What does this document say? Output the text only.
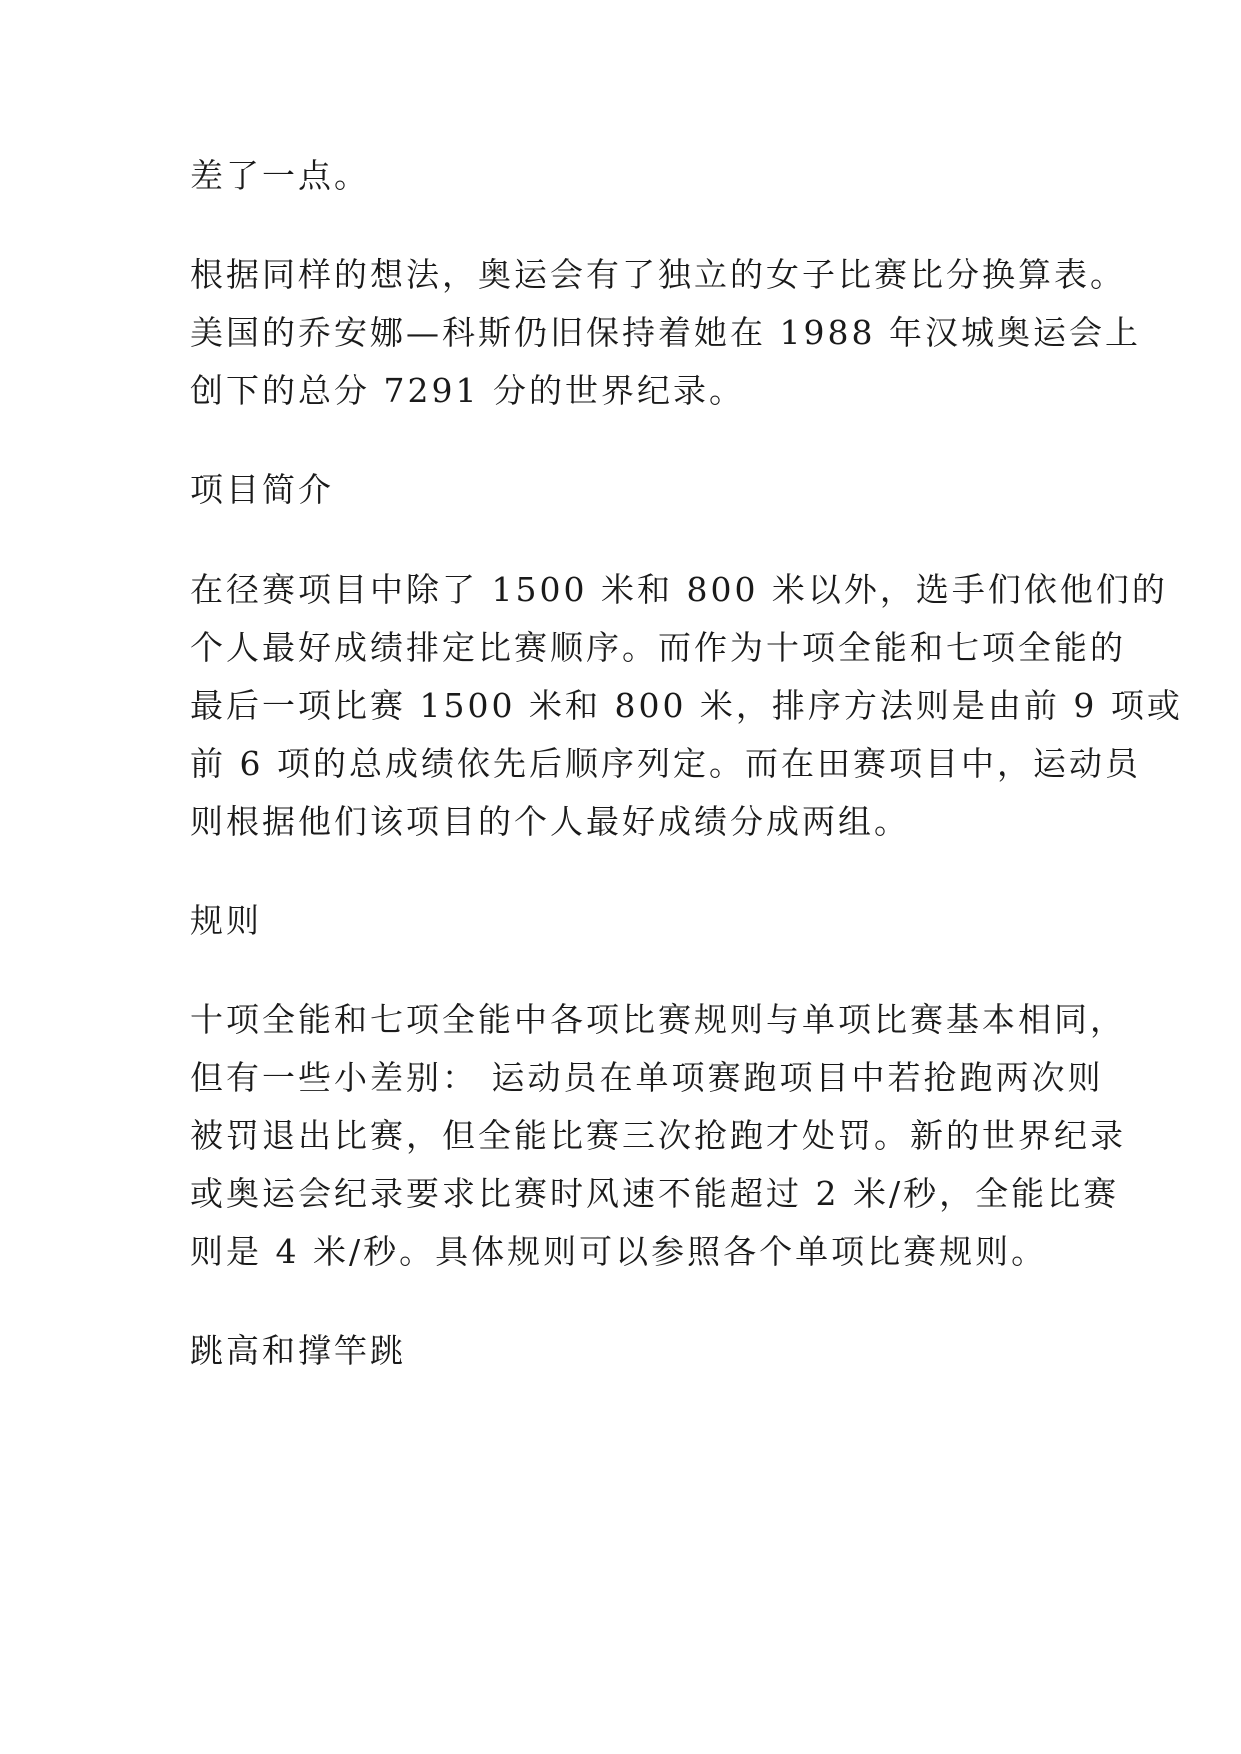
差了一点。

根据同样的想法，奥运会有了独立的女子比赛比分换算表。

美国的乔安娜—科斯仍旧保持着她在 1988 年汉城奥运会上

创下的总分 7291 分的世界纪录。

项目简介

在径赛项目中除了 1500 米和 800 米以外，选手们依他们的

个人最好成绩排定比赛顺序。而作为十项全能和七项全能的

最后一项比赛 1500 米和 800 米，排序方法则是由前 9 项或

前 6 项的总成绩依先后顺序列定。而在田赛项目中，运动员

则根据他们该项目的个人最好成绩分成两组。

规则

十项全能和七项全能中各项比赛规则与单项比赛基本相同，

但有一些小差别： 运动员在单项赛跑项目中若抢跑两次则

被罚退出比赛，但全能比赛三次抢跑才处罚。新的世界纪录

或奥运会纪录要求比赛时风速不能超过 2 米/秒，全能比赛

则是 4 米/秒。具体规则可以参照各个单项比赛规则。

跳高和撑竿跳
